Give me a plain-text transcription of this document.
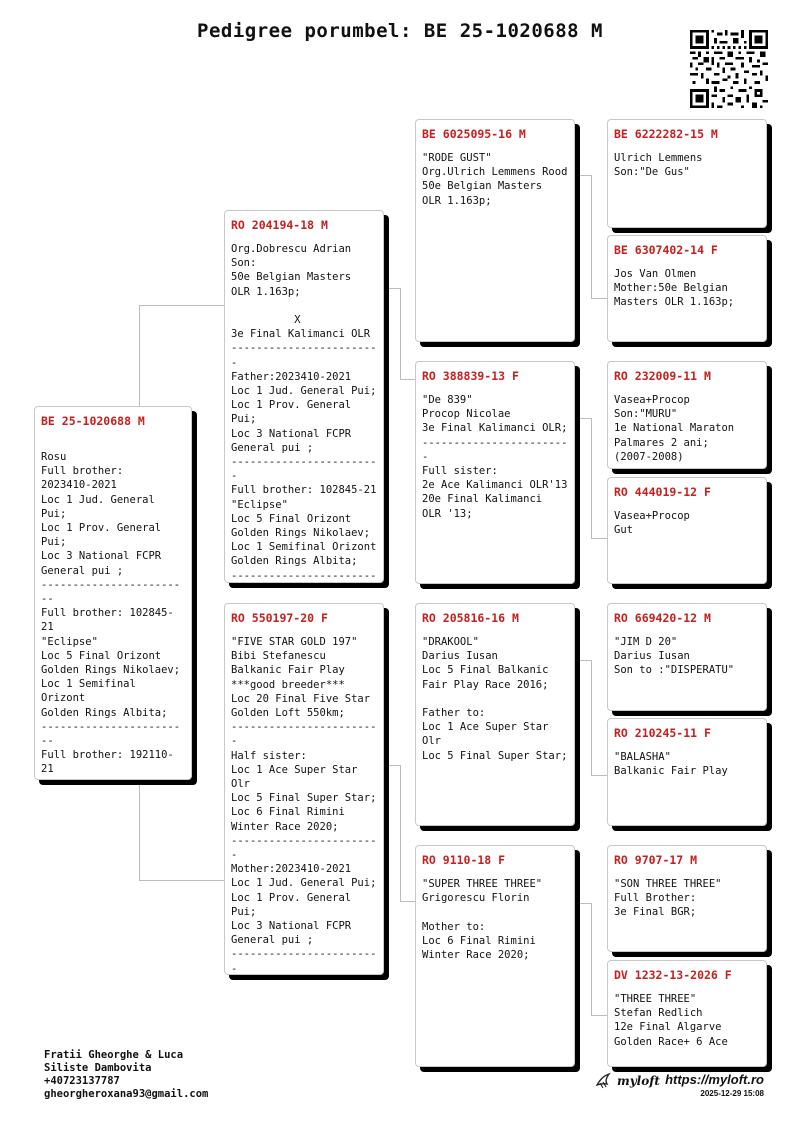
Pedigree porumbel: BE 25-1020688 M
BE 25-1020688 M
Rosu
Full brother:
2023410-2021
Loc 1 Jud. General Pui;
Loc 1 Prov. General Pui;
Loc 3 National FCPR
General pui ;
------------------------
Full brother: 102845-21
"Eclipse"
Loc 5 Final Orizont
Golden Rings Nikolaev;
Loc 1 Semifinal Orizont
Golden Rings Albita;
------------------------
Full brother: 192110-21

RO 204194-18 M
Org.Dobrescu Adrian
Son:
50e Belgian Masters
OLR 1.163p;

X
3e Final Kalimanci OLR
------------------------
Father:2023410-2021
Loc 1 Jud. General Pui;
Loc 1 Prov. General Pui;
Loc 3 National FCPR
General pui ;
------------------------
Full brother: 102845-21
"Eclipse"
Loc 5 Final Orizont
Golden Rings Nikolaev;
Loc 1 Semifinal Orizont
Golden Rings Albita;
-----------------------

RO 550197-20 F
"FIVE STAR GOLD 197"
Bibi Stefanescu
Balkanic Fair Play
***good breeder***
Loc 20 Final Five Star
Golden Loft 550km;
------------------------
Half sister:
Loc 1 Ace Super Star Olr
Loc 5 Final Super Star;
Loc 6 Final Rimini
Winter Race 2020;
------------------------
Mother:2023410-2021
Loc 1 Jud. General Pui;
Loc 1 Prov. General Pui;
Loc 3 National FCPR
General pui ;
------------------------

BE 6025095-16 M
"RODE GUST"
Org.Ulrich Lemmens Rood
50e Belgian Masters
OLR 1.163p;
RO 388839-13 F
"De 839"
Procop Nicolae
3e Final Kalimanci OLR;
------------------------
Full sister:
2e Ace Kalimanci OLR'13
20e Final Kalimanci
OLR '13;
RO 205816-16 M
"DRAKOOL"
Darius Iusan
Loc 5 Final Balkanic
Fair Play Race 2016;

Father to:
Loc 1 Ace Super Star Olr
Loc 5 Final Super Star;
RO 9110-18 F
"SUPER THREE THREE"
Grigorescu Florin

Mother to:
Loc 6 Final Rimini
Winter Race 2020;
BE 6222282-15 M
Ulrich Lemmens
Son:"De Gus"
BE 6307402-14 F
Jos Van Olmen
Mother:50e Belgian
Masters OLR 1.163p;
RO 232009-11 M
Vasea+Procop
Son:"MURU"
1e National Maraton
Palmares 2 ani;
(2007-2008)
RO 444019-12 F
Vasea+Procop
Gut
RO 669420-12 M
"JIM D 20"
Darius Iusan
Son to :"DISPERATU"
RO 210245-11 F
"BALASHA"
Balkanic Fair Play
RO 9707-17 M
"SON THREE THREE"
Full Brother:
3e Final BGR;
DV 1232-13-2026 F
"THREE THREE"
Stefan Redlich
12e Final Algarve
Golden Race+ 6 Ace
Fratii Gheorghe & Luca
Siliste Dambovita
+40723137787
gheorgheroxana93@gmail.com
myloft https://myloft.ro
2025-12-29 15:08
